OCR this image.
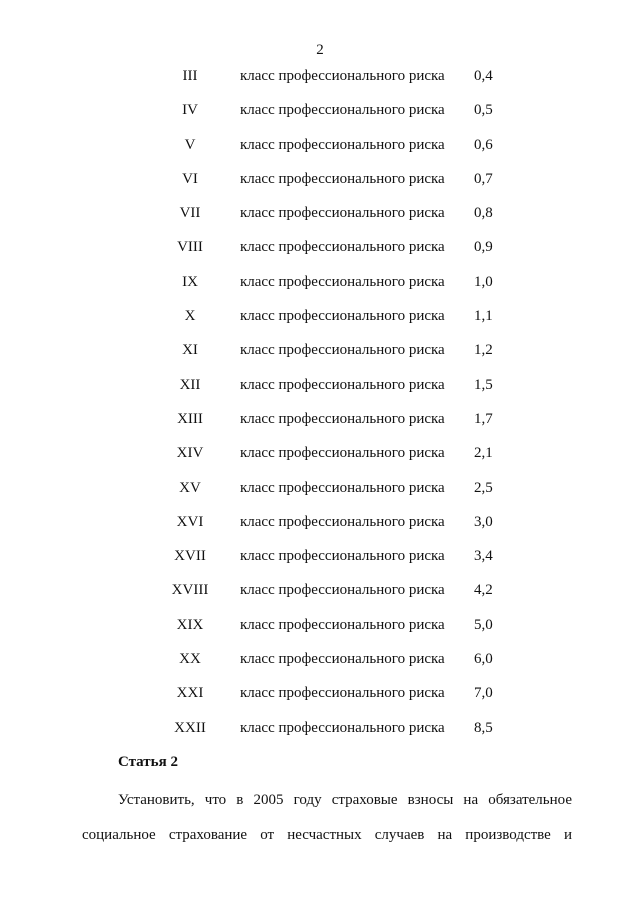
2
III	класс профессионального риска 0,4
IV	класс профессионального риска 0,5
V	класс профессионального риска 0,6
VI	класс профессионального риска 0,7
VII	класс профессионального риска 0,8
VIII	класс профессионального риска 0,9
IX	класс профессионального риска 1,0
X	класс профессионального риска 1,1
XI	класс профессионального риска 1,2
XII	класс профессионального риска 1,5
XIII	класс профессионального риска 1,7
XIV	класс профессионального риска 2,1
XV	класс профессионального риска 2,5
XVI	класс профессионального риска 3,0
XVII	класс профессионального риска 3,4
XVIII	класс профессионального риска 4,2
XIX	класс профессионального риска 5,0
XX	класс профессионального риска 6,0
XXI	класс профессионального риска 7,0
XXII	класс профессионального риска 8,5
Статья 2
Установить, что в 2005 году страховые взносы на обязательное
социальное страхование от несчастных случаев на производстве и
